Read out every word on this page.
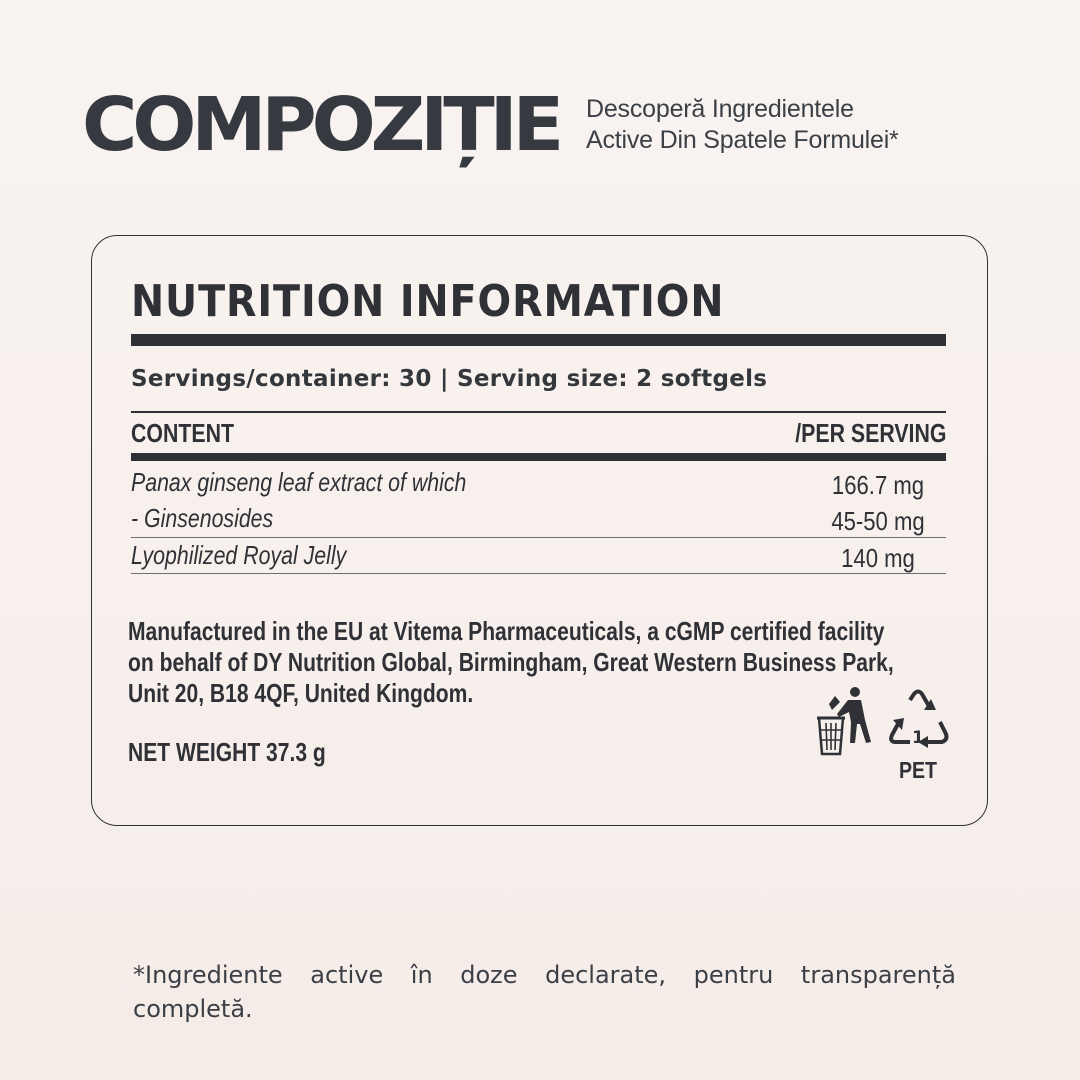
COMPOZIȚIE Descoperă Ingredientele
Active Din Spatele Formulei*
NUTRITION INFORMATION
Servings/container: 30 | Serving size: 2 softgels
CONTENT	/PER SERVING
Panax ginseng leaf extract of which	166.7 mg
- Ginsenosides	45-50 mg
Lyophilized Royal Jelly	140 mg
Manufactured in the EU at Vitema Pharmaceuticals, a cGMP certified facility
on behalf of DY Nutrition Global, Birmingham, Great Western Business Park,
Unit 20, B18 4QF, United Kingdom.
NET WEIGHT 37.3 g	1
PET
*Ingrediente active în doze declarate, pentru transparență completă.
